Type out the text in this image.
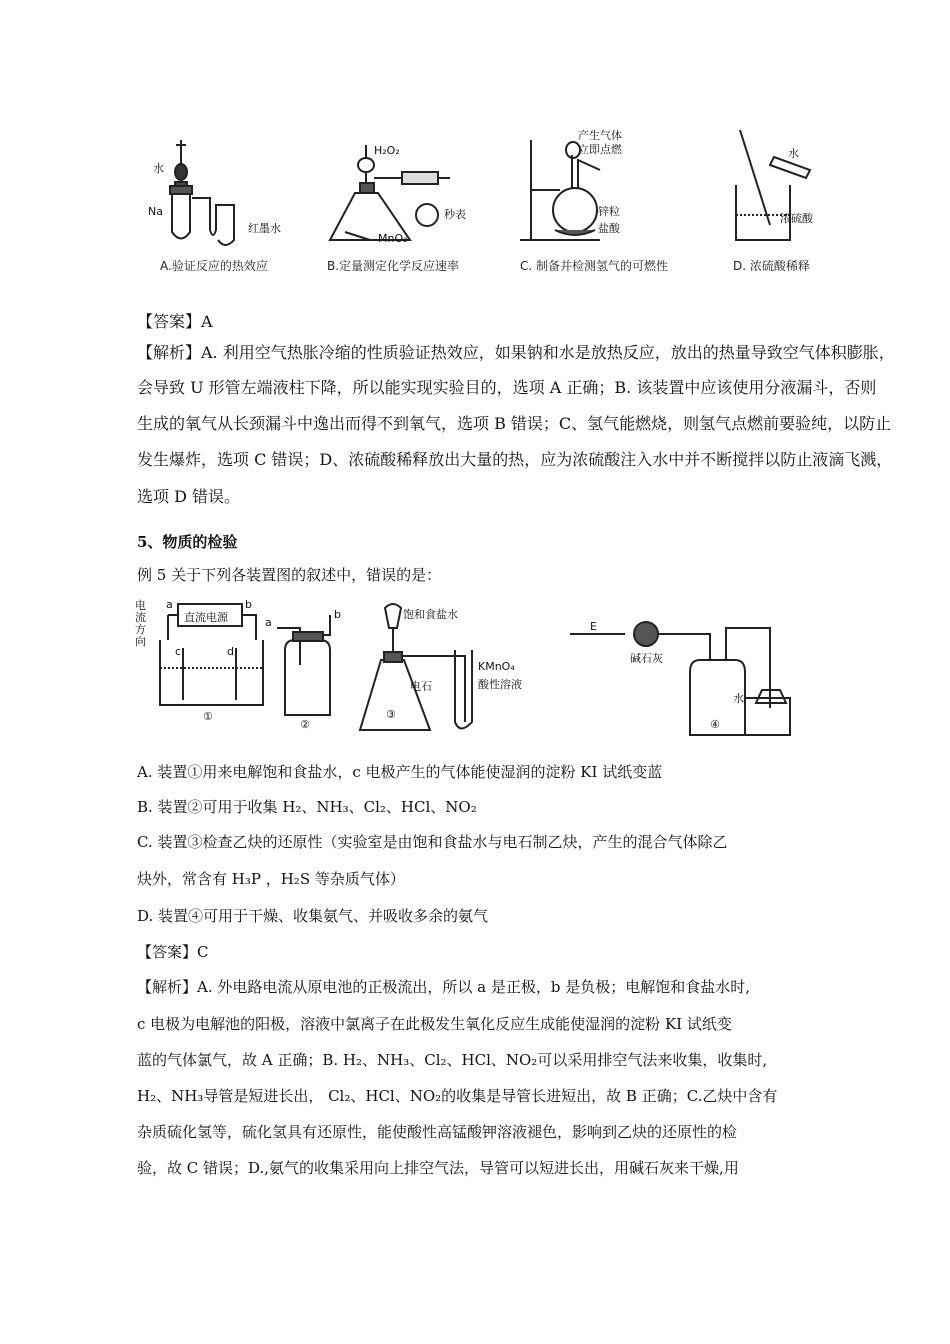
水
Na
红墨水
A.验证反应的热效应
H₂O₂
秒表
MnO₂
B.定量测定化学反应速率
产生气体
立即点燃
锌粒
盐酸
C. 制备并检测氢气的可燃性
水
浓硫酸
D. 浓硫酸稀释
【答案】A
【解析】A. 利用空气热胀冷缩的性质验证热效应，如果钠和水是放热反应，放出的热量导致空气体积膨胀，
会导致 U 形管左端液柱下降，所以能实现实验目的，选项 A 正确；B. 该装置中应该使用分液漏斗，否则
生成的氧气从长颈漏斗中逸出而得不到氧气，选项 B 错误；C、氢气能燃烧，则氢气点燃前要验纯，以防止
发生爆炸，选项 C 错误；D、浓硫酸稀释放出大量的热，应为浓硫酸注入水中并不断搅拌以防止液滴飞溅，
选项 D 错误。
5、物质的检验
例 5 关于下列各装置图的叙述中，错误的是：
电流方向
a
直流电源
b
c	d
①
a
b
②
饱和食盐水
电石
KMnO₄
酸性溶液
③
E
碱石灰
水
④
A. 装置①用来电解饱和食盐水，c 电极产生的气体能使湿润的淀粉 KI 试纸变蓝
B. 装置②可用于收集 H₂、NH₃、Cl₂、HCl、NO₂
C. 装置③检查乙炔的还原性（实验室是由饱和食盐水与电石制乙炔，产生的混合气体除乙
炔外，常含有 H₃P ，H₂S 等杂质气体）
D. 装置④可用于干燥、收集氨气、并吸收多余的氨气
【答案】C
【解析】A. 外电路电流从原电池的正极流出，所以 a 是正极，b 是负极；电解饱和食盐水时,
c 电极为电解池的阳极，溶液中氯离子在此极发生氧化反应生成能使湿润的淀粉 KI 试纸变
蓝的气体氯气，故 A 正确；B. H₂、NH₃、Cl₂、HCl、NO₂可以采用排空气法来收集，收集时,
H₂、NH₃导管是短进长出， Cl₂、HCl、NO₂的收集是导管长进短出，故 B 正确；C.乙炔中含有
杂质硫化氢等，硫化氢具有还原性，能使酸性高锰酸钾溶液褪色，影响到乙炔的还原性的检
验，故 C 错误；D.,氨气的收集采用向上排空气法，导管可以短进长出，用碱石灰来干燥,用
